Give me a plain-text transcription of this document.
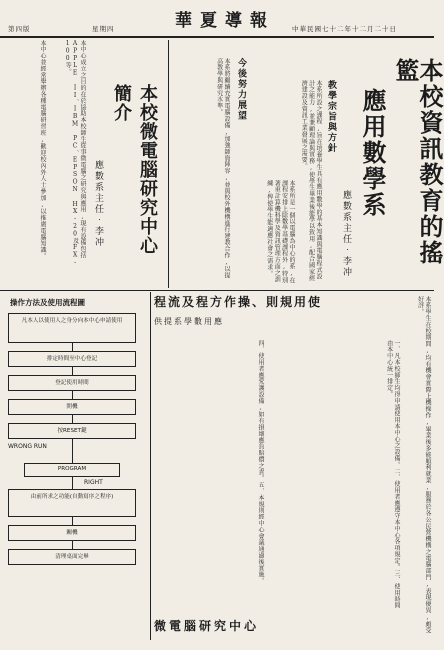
華夏導報
第四版	星期四	中華民國七十二年十二月二十日
本校資訊教育的搖籃
應用數學系
應數系主任‧李冲
教學宗旨與方針
本系所設之課程,旨在培養學生具有應用數學的基本知識與電腦程式設計之能力,並兼顧理論與實務,使學生畢業後能學以致用,配合國家經濟建設及資訊工業發展之需要。
本系所是一個以電腦為中心的系,在課程安排上除數學基礎課程外,特別著重計算機科學及資訊管理方面之訓練,俾使學生能適應社會之需求。
今後努力展望
本系將繼續充實電腦設備,加強師資陣容,並與校外機構進行建教合作,以提高教學與研究水準。
本系學生在校期間,均有機會實際上機操作,畢業後多能順利就業,服務於各公民營機構之電腦部門,表現優異,頗受好評。
本校微電腦研究中心
簡介
應數系主任‧李冲
本中心成立之目的在於協助本校師生從事微電腦之研究與應用,現有設備包括APPLE II、IBM PC、EPSON HX-20及FX-100等。
本中心並經常舉辦各種電腦研習班,歡迎校內外人士參加,以推廣電腦知識。
程流及程方作操、則規用使
供提系學數用應
微電腦研究中心
一、凡本校師生均得申請使用本中心之設備。二、使用者應遵守本中心各項規定。三、使用時間由本中心統一排定。
四、使用者應愛護設備,如有損壞應負賠償之責。五、本規則經中心會議通過後實施。
操作方法及使用流程圖
凡本人以使用人之身分向本中心申請使用
排定時間至中心登記
登記使用時間
開機
按RESET鍵
WRONG RUN
PROGRAM
RIGHT
由前所求之功能(自動寫序之程序)
關機
清理桌面完畢
